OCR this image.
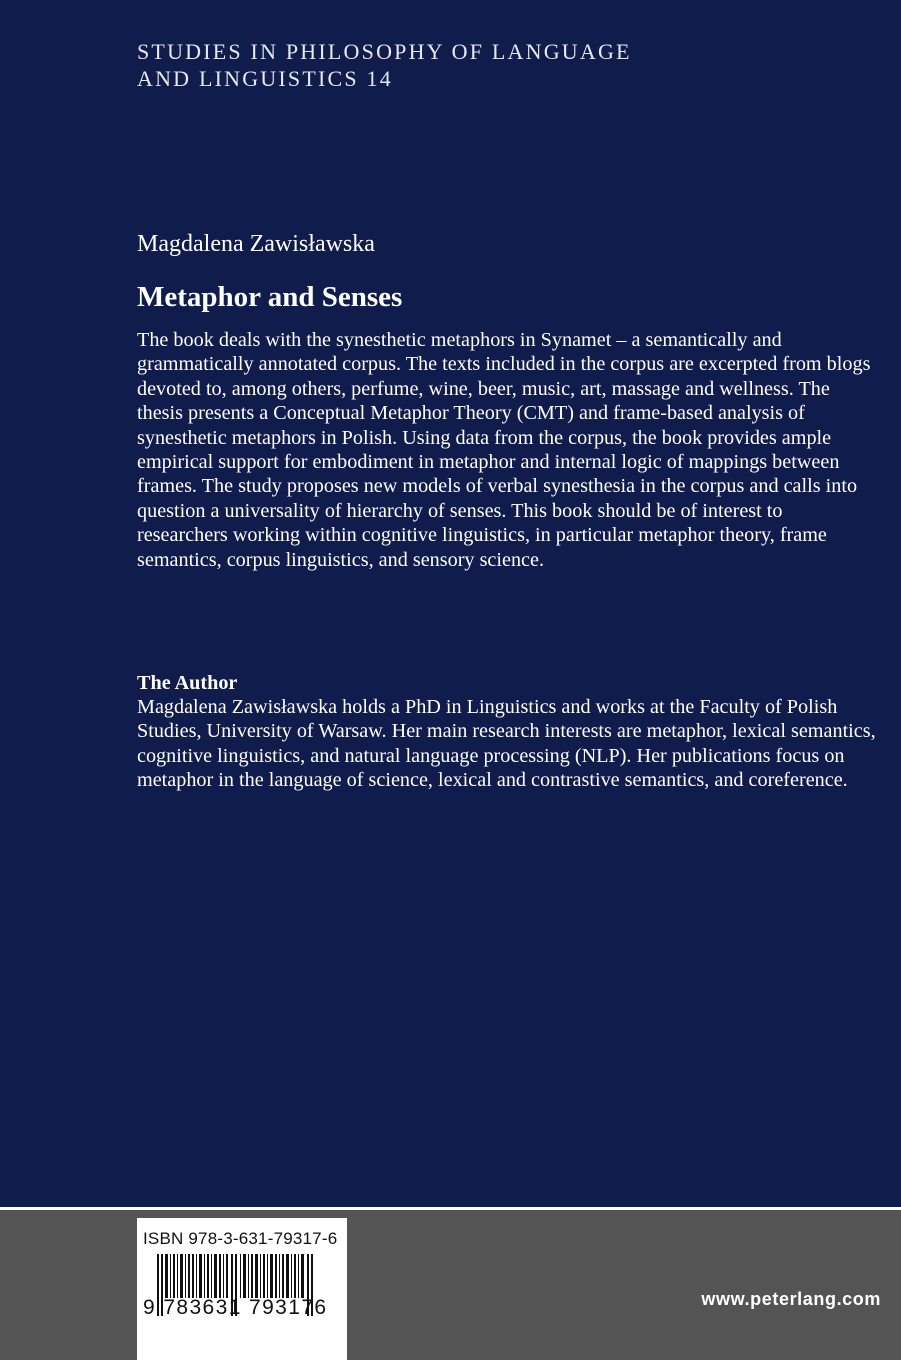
STUDIES IN PHILOSOPHY OF LANGUAGE
AND LINGUISTICS 14
Magdalena Zawisławska
Metaphor and Senses
The book deals with the synesthetic metaphors in Synamet – a semantically and grammatically annotated corpus. The texts included in the corpus are excerpted from blogs devoted to, among others, perfume, wine, beer, music, art, massage and wellness. The thesis presents a Conceptual Metaphor Theory (CMT) and frame-based analysis of synesthetic metaphors in Polish. Using data from the corpus, the book provides ample empirical support for embodiment in metaphor and internal logic of mappings between frames. The study proposes new models of verbal synesthesia in the corpus and calls into question a universality of hierarchy of senses. This book should be of interest to researchers working within cognitive linguistics, in particular metaphor theory, frame semantics, corpus linguistics, and sensory science.
The Author
Magdalena Zawisławska holds a PhD in Linguistics and works at the Faculty of Polish Studies, University of Warsaw. Her main research interests are metaphor, lexical semantics, cognitive linguistics, and natural language processing (NLP). Her publications focus on metaphor in the language of science, lexical and contrastive semantics, and coreference.
ISBN 978-3-631-79317-6
9 783631 793176	www.peterlang.com
